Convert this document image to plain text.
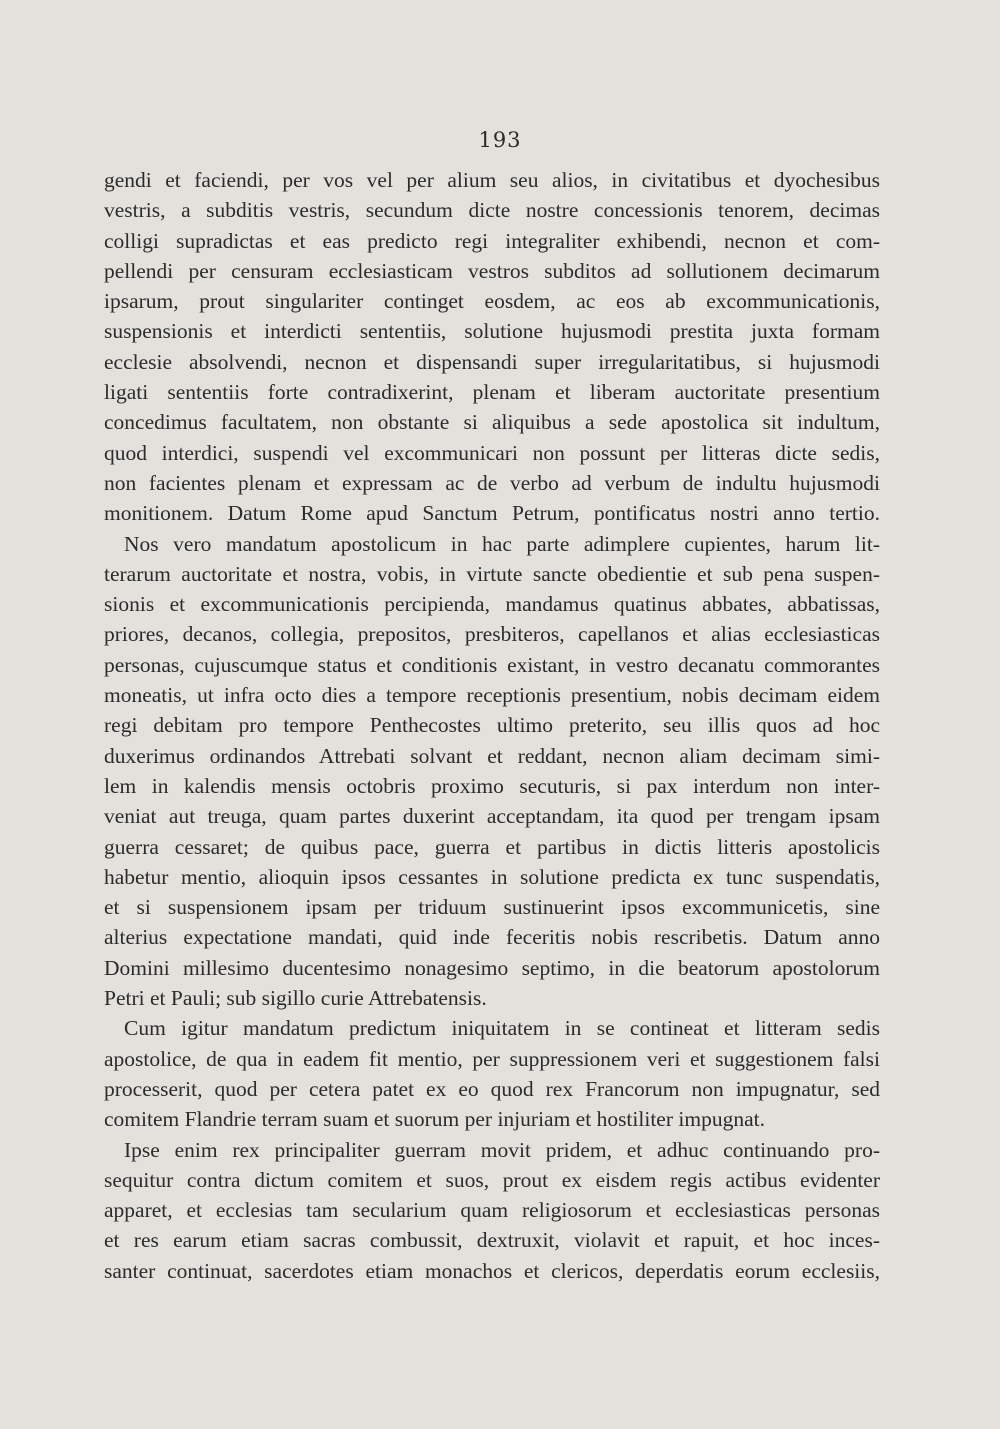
193
gendi et faciendi, per vos vel per alium seu alios, in civitatibus et dyochesibus
vestris, a subditis vestris, secundum dicte nostre concessionis tenorem, decimas
colligi supradictas et eas predicto regi integraliter exhibendi, necnon et com-
pellendi per censuram ecclesiasticam vestros subditos ad sollutionem decimarum
ipsarum, prout singulariter continget eosdem, ac eos ab excommunicationis,
suspensionis et interdicti sententiis, solutione hujusmodi prestita juxta formam
ecclesie absolvendi, necnon et dispensandi super irregularitatibus, si hujusmodi
ligati sententiis forte contradixerint, plenam et liberam auctoritate presentium
concedimus facultatem, non obstante si aliquibus a sede apostolica sit indultum,
quod interdici, suspendi vel excommunicari non possunt per litteras dicte sedis,
non facientes plenam et expressam ac de verbo ad verbum de indultu hujusmodi
monitionem. Datum Rome apud Sanctum Petrum, pontificatus nostri anno tertio.
Nos vero mandatum apostolicum in hac parte adimplere cupientes, harum lit-
terarum auctoritate et nostra, vobis, in virtute sancte obedientie et sub pena suspen-
sionis et excommunicationis percipienda, mandamus quatinus abbates, abbatissas,
priores, decanos, collegia, prepositos, presbiteros, capellanos et alias ecclesiasticas
personas, cujuscumque status et conditionis existant, in vestro decanatu commorantes
moneatis, ut infra octo dies a tempore receptionis presentium, nobis decimam eidem
regi debitam pro tempore Penthecostes ultimo preterito, seu illis quos ad hoc
duxerimus ordinandos Attrebati solvant et reddant, necnon aliam decimam simi-
lem in kalendis mensis octobris proximo secuturis, si pax interdum non inter-
veniat aut treuga, quam partes duxerint acceptandam, ita quod per trengam ipsam
guerra cessaret; de quibus pace, guerra et partibus in dictis litteris apostolicis
habetur mentio, alioquin ipsos cessantes in solutione predicta ex tunc suspendatis,
et si suspensionem ipsam per triduum sustinuerint ipsos excommunicetis, sine
alterius expectatione mandati, quid inde feceritis nobis rescribetis. Datum anno
Domini millesimo ducentesimo nonagesimo septimo, in die beatorum apostolorum
Petri et Pauli; sub sigillo curie Attrebatensis.
Cum igitur mandatum predictum iniquitatem in se contineat et litteram sedis
apostolice, de qua in eadem fit mentio, per suppressionem veri et suggestionem falsi
processerit, quod per cetera patet ex eo quod rex Francorum non impugnatur, sed
comitem Flandrie terram suam et suorum per injuriam et hostiliter impugnat.
Ipse enim rex principaliter guerram movit pridem, et adhuc continuando pro-
sequitur contra dictum comitem et suos, prout ex eisdem regis actibus evidenter
apparet, et ecclesias tam secularium quam religiosorum et ecclesiasticas personas
et res earum etiam sacras combussit, dextruxit, violavit et rapuit, et hoc inces-
santer continuat, sacerdotes etiam monachos et clericos, deperdatis eorum ecclesiis,
